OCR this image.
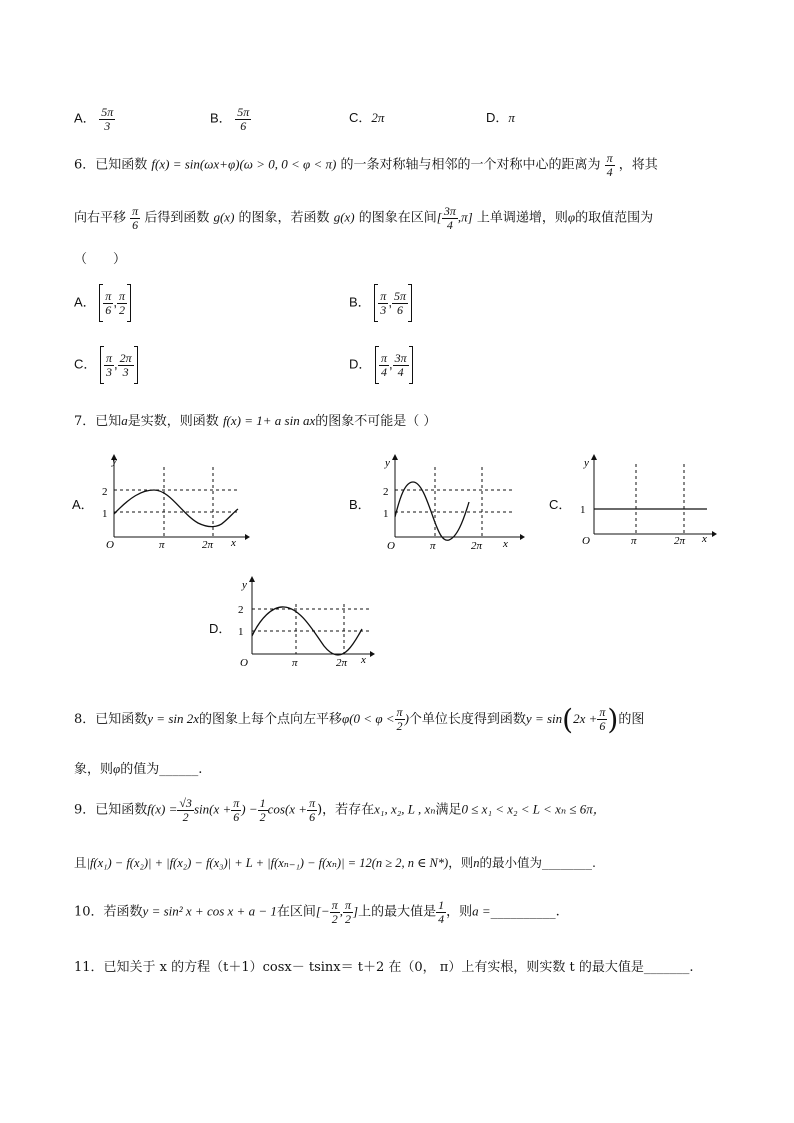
A． $\frac{5\pi}{3}$	B． $\frac{5\pi}{6}$	C．2π	D．π
6．已知函数 f(x) = sin(ωx+φ)(ω > 0, 0 < φ < π) 的一条对称轴与相邻的一个对称中心的距离为 $\frac{\pi}{4}$ ，将其
向右平移 $\frac{\pi}{6}$ 后得到函数 g(x) 的图象，若函数 g(x) 的图象在区间[ $\frac{3\pi}{4} ,\pi$] 上单调递增，则φ的取值范围为
（　　）
A． $\frac{\pi}{6}$ , $\frac{\pi}{2}$	B． $\frac{\pi}{3}$ , $\frac{5\pi}{6}$
C． $\frac{\pi}{3}$ , $\frac{2\pi}{3}$	D． $\frac{\pi}{4}$ , $\frac{3\pi}{4}$
7．已知a是实数，则函数 f(x) = 1+ a sin ax的图象不可能是（ ）
A．	B．	C．
D．
y
2
1
O	π	2π x
y
2
1
O	π	2π x
y
1
O	π	2π x
y
2
1
O	π	2π x
8．已知函数y = sin 2x的图象上每个点向左平移$\varphi(0 < \varphi < \frac{\pi}{2}$ )个单位长度得到函数$y = \sin(2x + \frac{\pi}{6}$ )的图
象，则φ的值为______.
9．已知函数$f(x) = \frac{√3}{2} \sin(x + \frac{\pi}{6}$ ) − $\frac{1}{2} \cos(x + \frac{\pi}{6}$ )，若存在x₁, x₂, L , xₙ满足0 ≤ x₁ < x₂ < L < xₙ ≤ 6π，
且|f(x₁) − f(x₂)| + |f(x₂) − f(x₃)| + L + |f(xₙ₋₁) − f(xₙ)| = 12(n ≥ 2, n ∈ N*)，则n的最小值为________.
10．若函数y = sin² x + cos x + a − 1在区间[− $\frac{\pi}{2}$ , $\frac{\pi}{2}$ ]上的最大值是 $\frac{1}{4}$ ，则a =__________.
11．已知关于 x 的方程（t＋1）cosx－ tsinx＝ t＋2 在（0， π）上有实根，则实数 t 的最大值是_______.
